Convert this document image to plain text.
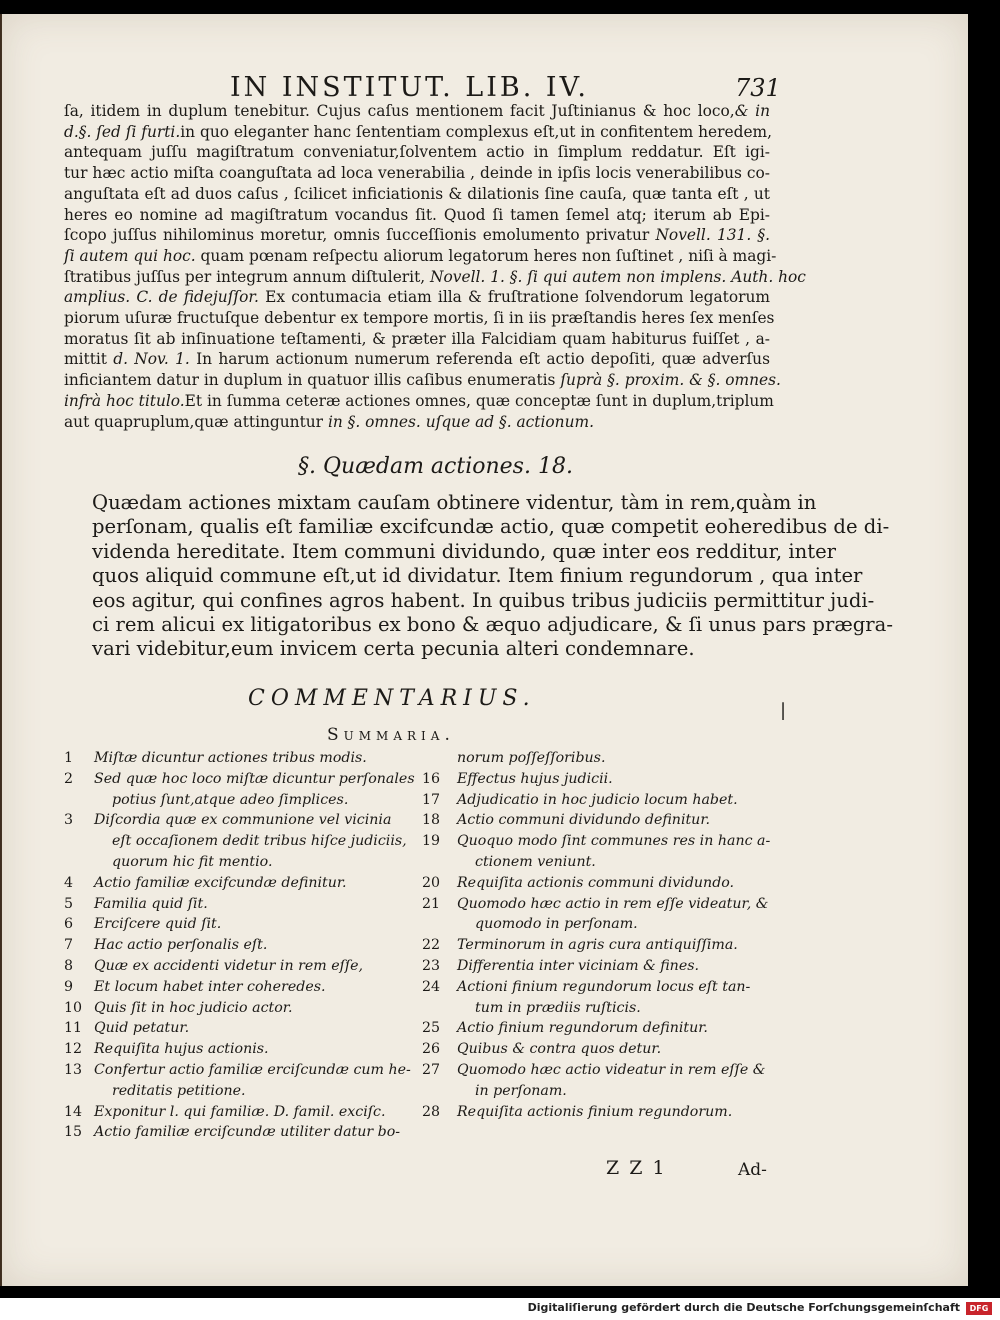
IN INSTITUT. LIB. IV.	731
ſa, itidem in duplum tenebitur. Cujus caſus mentionem facit Juſtinianus & hoc loco,& in
d.§. ſed ſi furti.in quo eleganter hanc ſententiam complexus eſt,ut in confitentem heredem,
antequam juſſu magiſtratum conveniatur,ſolventem actio in ſimplum reddatur. Eſt igi-
tur hæc actio miſta coanguſtata ad loca venerabilia , deinde in ipſis locis venerabilibus co-
anguſtata eſt ad duos caſus , ſcilicet inficiationis & dilationis ſine cauſa, quæ tanta eſt , ut
heres eo nomine ad magiſtratum vocandus ſit. Quod ſi tamen ſemel atq; iterum ab Epi-
ſcopo juſſus nihilominus moretur, omnis ſucceſſionis emolumento privatur Novell. 131. §.
ſi autem qui hoc. quam pœnam reſpectu aliorum legatorum heres non ſuſtinet , niſi à magi-
ſtratibus juſſus per integrum annum diſtulerit, Novell. 1. §. ſi qui autem non implens. Auth. hoc
amplius. C. de fidejuſſor. Ex contumacia etiam illa & fruſtratione ſolvendorum legatorum
piorum uſuræ fructuſque debentur ex tempore mortis, ſi in iis præſtandis heres ſex menſes
moratus ſit ab inſinuatione teſtamenti, & præter illa Falcidiam quam habiturus fuiſſet , a-
mittit d. Nov. 1. In harum actionum numerum referenda eſt actio depoſiti, quæ adverſus
inficiantem datur in duplum in quatuor illis caſibus enumeratis ſuprà §. proxim. & §. omnes.
infrà hoc titulo.Et in ſumma ceteræ actiones omnes, quæ conceptæ ſunt in duplum,triplum
aut quapruplum,quæ attinguntur in §. omnes. uſque ad §. actionum.
§. Quædam actiones. 18.
Quædam actiones mixtam cauſam obtinere videntur, tàm in rem,quàm in
perſonam, qualis eſt familiæ excifcundæ actio, quæ competit eoheredibus de di-
videnda hereditate. Item communi dividundo, quæ inter eos redditur, inter
quos aliquid commune eſt,ut id dividatur. Item finium regundorum , qua inter
eos agitur, qui confines agros habent. In quibus tribus judiciis permittitur judi-
ci rem alicui ex litigatoribus ex bono & æquo adjudicare, & ſi unus pars prægra-
vari videbitur,eum invicem certa pecunia alteri condemnare.
COMMENTARIUS.
Summaria.
|
1 Miſtæ dicuntur actiones tribus modis.
2 Sed quæ hoc loco miſtæ dicuntur perſonales
potius ſunt,atque adeo ſimplices.
3 Diſcordia quæ ex communione vel vicinia
eſt occaſionem dedit tribus hiſce judiciis,
quorum hic fit mentio.
4 Actio familiæ excifcundæ definitur.
5 Familia quid ſit.
6 Erciſcere quid ſit.
7 Hac actio perſonalis eſt.
8 Quæ ex accidenti videtur in rem eſſe,
9 Et locum habet inter coheredes.
10 Quis ſit in hoc judicio actor.
11 Quid petatur.
12 Requiſita hujus actionis.
13 Confertur actio familiæ erciſcundæ cum he-
reditatis petitione.
14 Exponitur l. qui familiæ. D. famil. exciſc.
15 Actio familiæ erciſcundæ utiliter datur bo-
norum poſſeſſoribus.
16 Effectus hujus judicii.
17 Adjudicatio in hoc judicio locum habet.
18 Actio communi dividundo definitur.
19 Quoquo modo ſint communes res in hanc a-
ctionem veniunt.
20 Requiſita actionis communi dividundo.
21 Quomodo hæc actio in rem eſſe videatur, &
quomodo in perſonam.
22 Terminorum in agris cura antiquiſſima.
23 Differentia inter viciniam & fines.
24 Actioni finium regundorum locus eſt tan-
tum in prædiis ruſticis.
25 Actio finium regundorum definitur.
26 Quibus & contra quos detur.
27 Quomodo hæc actio videatur in rem eſſe &
in perſonam.
28 Requiſita actionis finium regundorum.
Z Z 1	Ad-
Digitaliſierung gefördert durch die Deutsche Forſchungsgemeinſchaft	DFG
